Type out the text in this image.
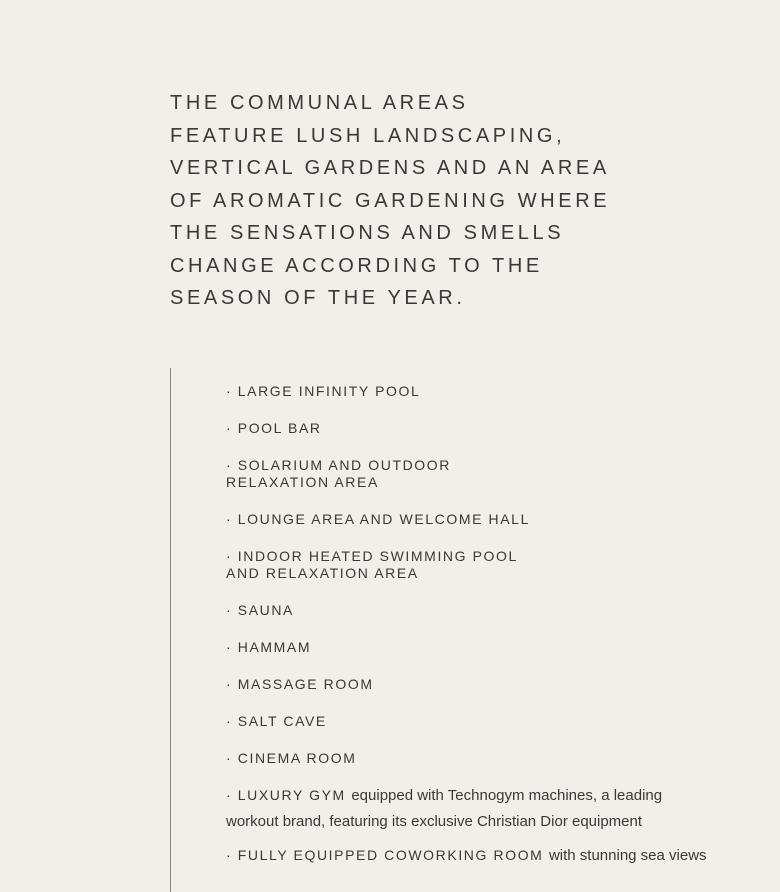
THE COMMUNAL AREAS
FEATURE LUSH LANDSCAPING,
VERTICAL GARDENS AND AN AREA
OF AROMATIC GARDENING WHERE
THE SENSATIONS AND SMELLS
CHANGE ACCORDING TO THE
SEASON OF THE YEAR.
· LARGE INFINITY POOL
· POOL BAR
· SOLARIUM AND OUTDOOR
RELAXATION AREA
· LOUNGE AREA AND WELCOME HALL
· INDOOR HEATED SWIMMING POOL
AND RELAXATION AREA
· SAUNA
· HAMMAM
· MASSAGE ROOM
· SALT CAVE
· CINEMA ROOM
· LUXURY GYM equipped with Technogym machines, a leading
workout brand, featuring its exclusive Christian Dior equipment
· FULLY EQUIPPED COWORKING ROOM with stunning sea views
